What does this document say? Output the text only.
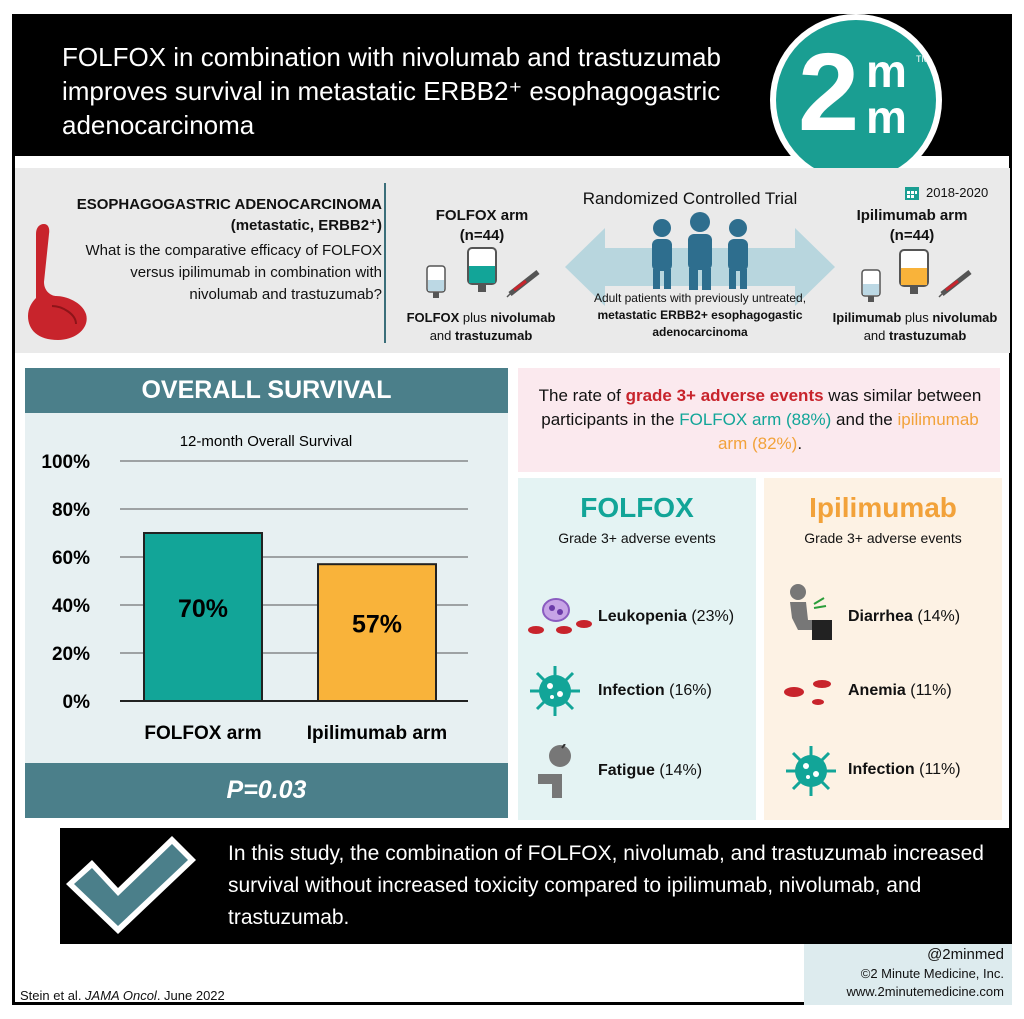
FOLFOX in combination with nivolumab and trastuzumab improves survival in metastatic ERBB2⁺ esophagogastric adenocarcinoma	2 m
m
TM
ESOPHAGOGASTRIC ADENOCARCINOMA
(metastatic, ERBB2⁺)
What is the comparative efficacy of FOLFOX versus ipilimumab in combination with nivolumab and trastuzumab?
FOLFOX arm
(n=44)
FOLFOX plus nivolumab
and trastuzumab
Randomized Controlled Trial
Adult patients with previously untreated, metastatic ERBB2+ esophagogastic adenocarcinoma
2018-2020
Ipilimumab arm
(n=44)
Ipilimumab plus nivolumab
and trastuzumab
OVERALL SURVIVAL
12-month Overall Survival
0%
20%
40%
60%
80%
100%
70%
FOLFOX arm
57%
Ipilimumab arm
P=0.03
The rate of grade 3+ adverse events was similar between participants in the FOLFOX arm (88%) and the ipilimumab arm (82%).
FOLFOX
Grade 3+ adverse events
Leukopenia (23%)
Infection (16%)
Fatigue (14%)
Ipilimumab
Grade 3+ adverse events
Diarrhea (14%)
Anemia (11%)
Infection (11%)
In this study, the combination of FOLFOX, nivolumab, and trastuzumab increased survival without increased toxicity compared to ipilimumab, nivolumab, and trastuzumab.
@2minmed
©2 Minute Medicine, Inc.
www.2minutemedicine.com
Stein et al. JAMA Oncol. June 2022
